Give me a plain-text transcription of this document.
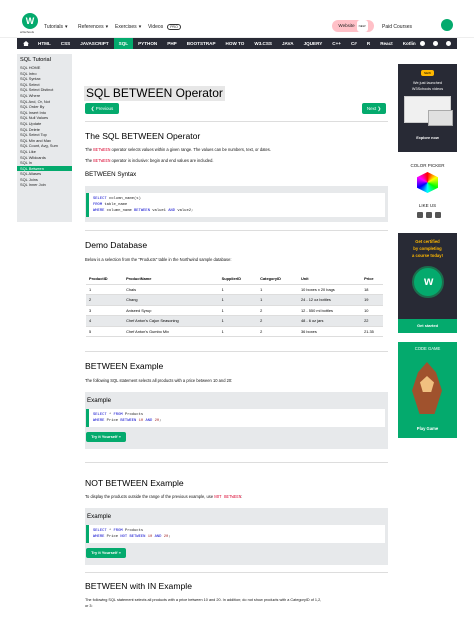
W
w3schools
Tutorials ▾ References ▾ Exercises ▾ Videos	PRO	Website NEW	Paid Courses
HTML	CSS	JAVASCRIPT	SQL	PYTHON	PHP	BOOTSTRAP	HOW TO	W3.CSS	JAVA	JQUERY	C++	C#	R	React	Kotlin
SQL Tutorial
SQL HOME
SQL Intro
SQL Syntax
SQL Select
SQL Select Distinct
SQL Where
SQL And, Or, Not
SQL Order By
SQL Insert Into
SQL Null Values
SQL Update
SQL Delete
SQL Select Top
SQL Min and Max
SQL Count, Avg, Sum
SQL Like
SQL Wildcards
SQL In
SQL Between
SQL Aliases
SQL Joins
SQL Inner Join
SQL BETWEEN Operator
❮ Previous	Next ❯
The SQL BETWEEN Operator
The BETWEEN operator selects values within a given range. The values can be numbers, text, or dates.
The BETWEEN operator is inclusive: begin and end values are included.
BETWEEN Syntax
SELECT column_name(s)
FROM table_name
WHERE column_name BETWEEN value1 AND value2;
Demo Database
Below is a selection from the "Products" table in the Northwind sample database:
ProductID	ProductName	SupplierID	CategoryID	Unit	Price
1	Chais	1	1	10 boxes x 20 bags	18
2	Chang	1	1	24 - 12 oz bottles	19
3	Aniseed Syrup	1	2	12 - 550 ml bottles	10
4	Chef Anton's Cajun Seasoning	1	2	48 - 6 oz jars	22
5	Chef Anton's Gumbo Mix	1	2	36 boxes	21.35
BETWEEN Example
The following SQL statement selects all products with a price between 10 and 20:
Example
SELECT * FROM Products
WHERE Price BETWEEN 10 AND 20;
Try it Yourself »
NOT BETWEEN Example
To display the products outside the range of the previous example, use NOT BETWEEN:
Example
SELECT * FROM Products
WHERE Price NOT BETWEEN 10 AND 20;
Try it Yourself »
BETWEEN with IN Example
The following SQL statement selects all products with a price between 10 and 20. In addition; do not show products with a CategoryID of 1,2,
or 3:
NEW
We just launched
W3Schools videos
Explore now
COLOR PICKER
LIKE US
Get certified
by completing
a course today!
w
Get started
CODE GAME
Play Game
